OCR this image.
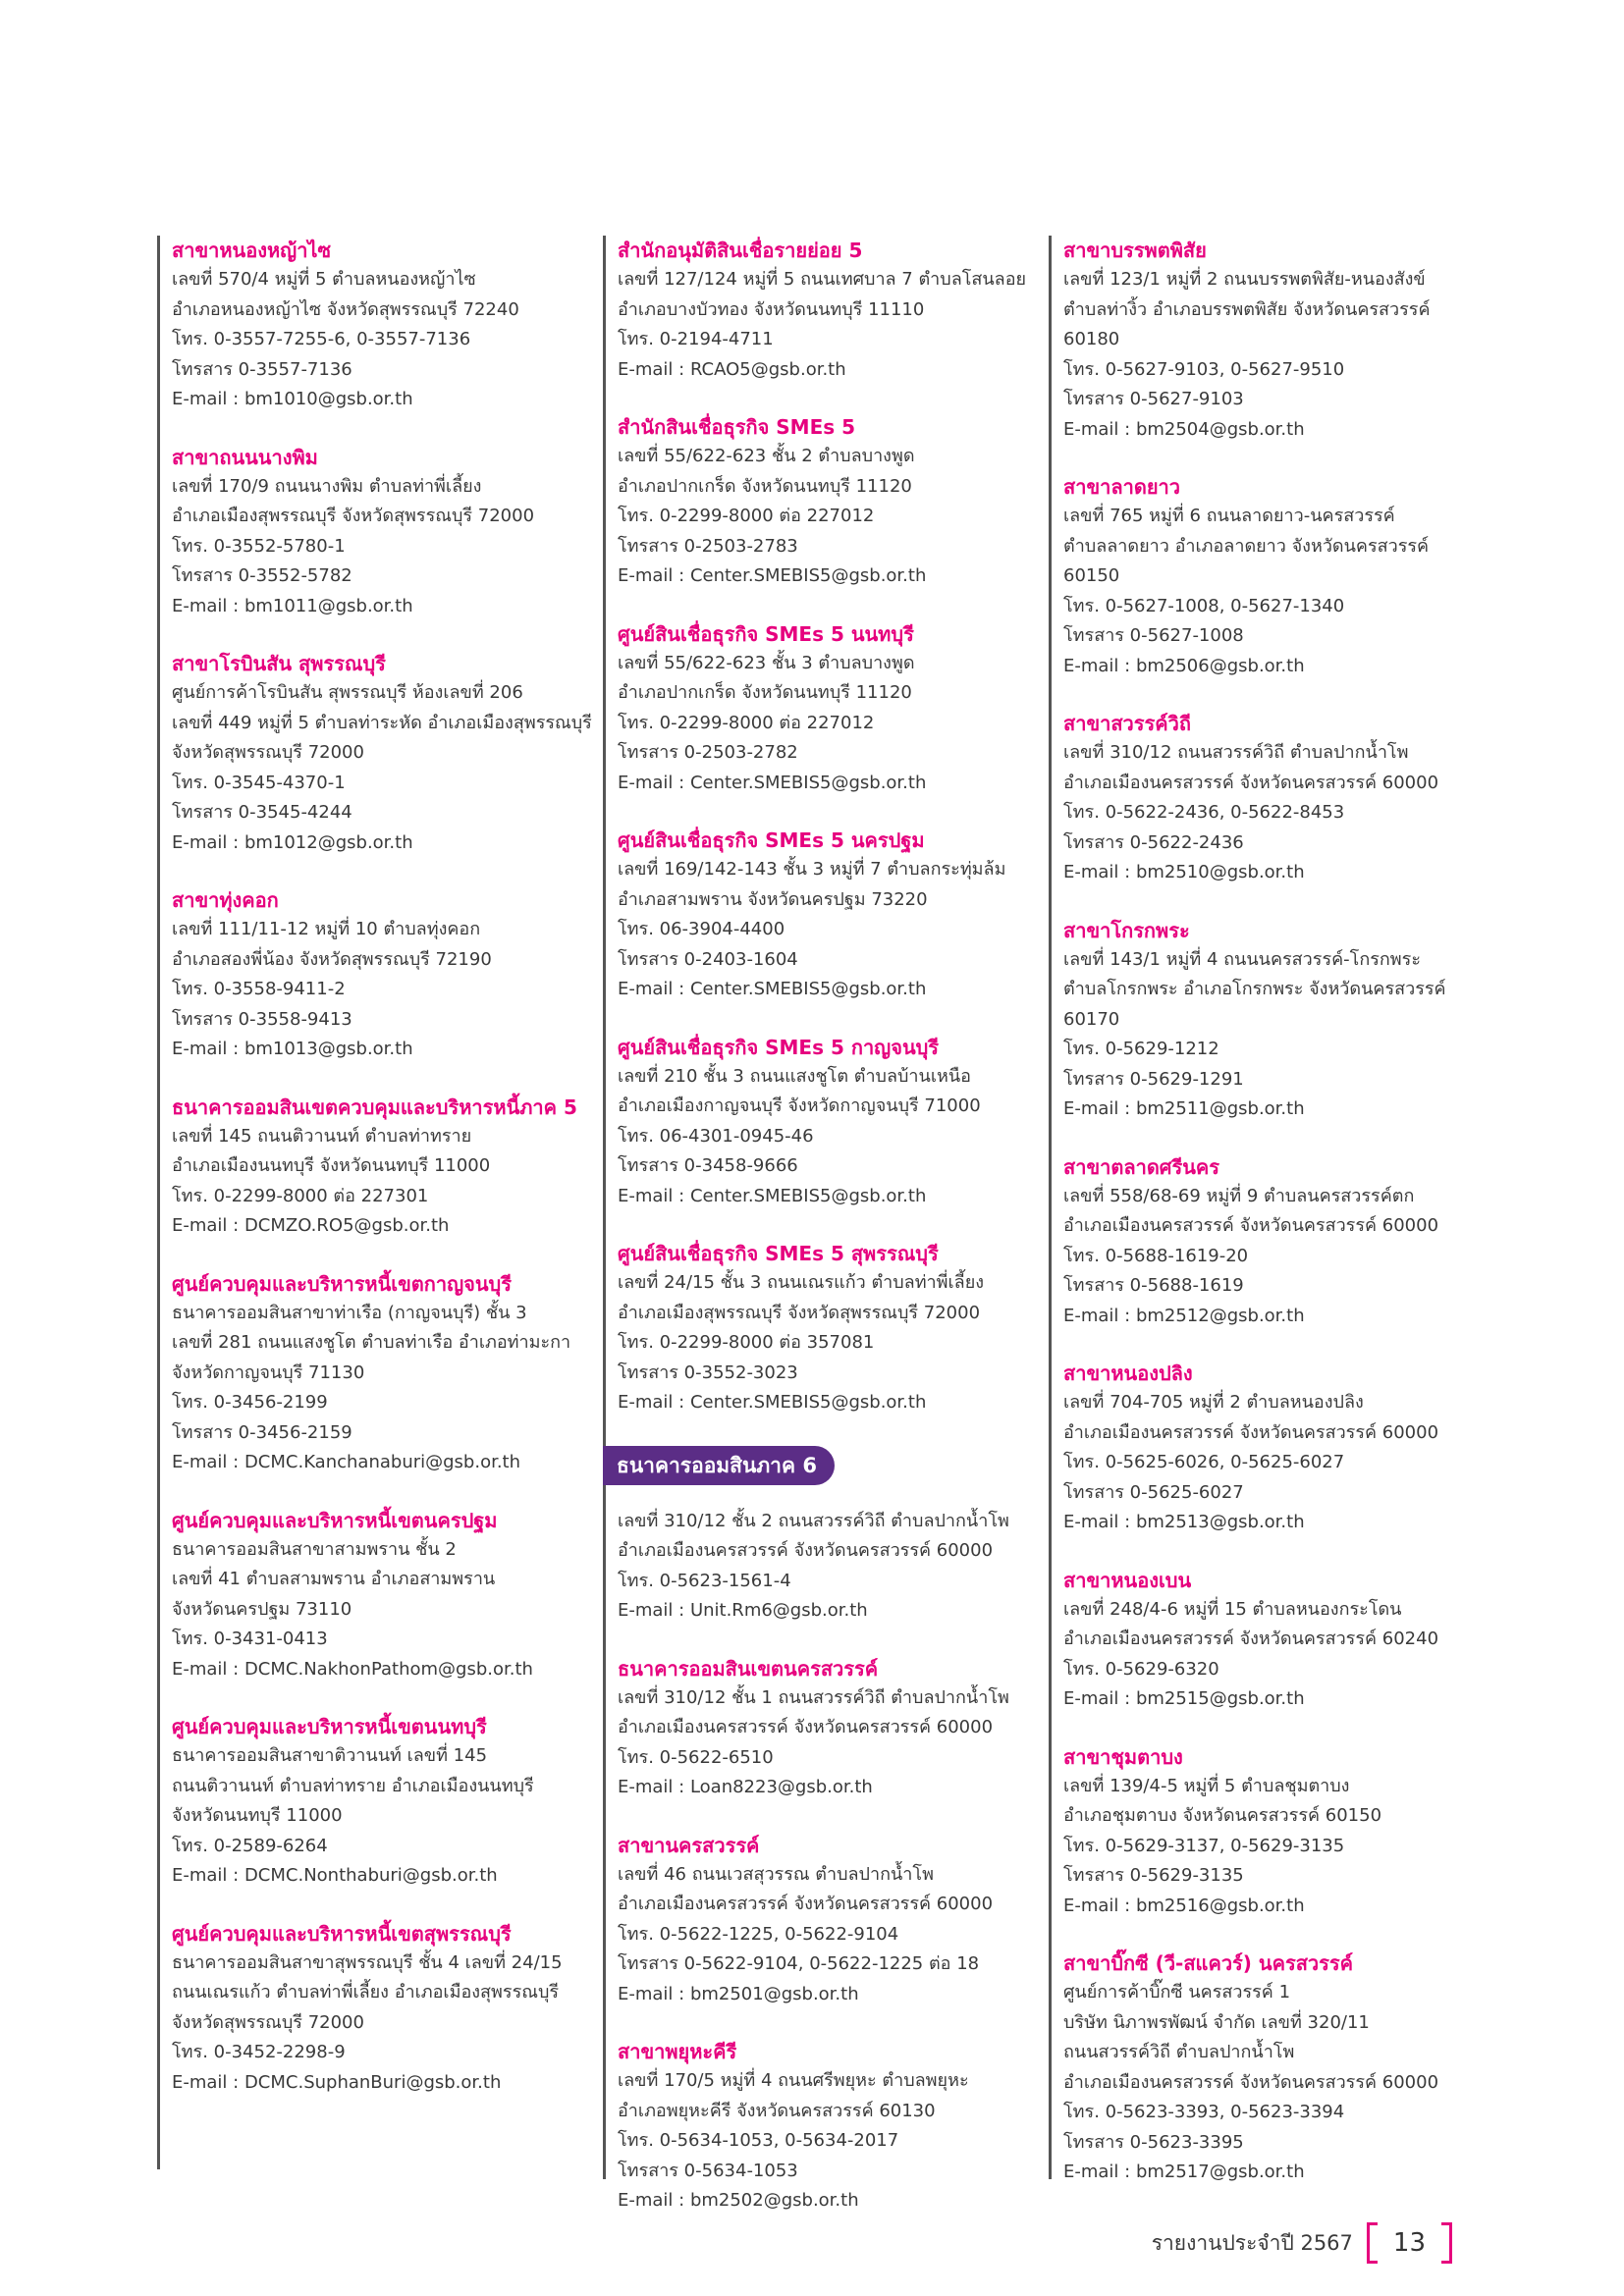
สาขาหนองหญ้าไซ
เลขที่ 570/4 หมู่ที่ 5 ตำบลหนองหญ้าไซ
อำเภอหนองหญ้าไซ จังหวัดสุพรรณบุรี 72240
โทร. 0-3557-7255-6, 0-3557-7136
โทรสาร 0-3557-7136
E-mail : bm1010@gsb.or.th
สาขาถนนนางพิม
เลขที่ 170/9 ถนนนางพิม ตำบลท่าพี่เลี้ยง
อำเภอเมืองสุพรรณบุรี จังหวัดสุพรรณบุรี 72000
โทร. 0-3552-5780-1
โทรสาร 0-3552-5782
E-mail : bm1011@gsb.or.th
สาขาโรบินสัน สุพรรณบุรี
ศูนย์การค้าโรบินสัน สุพรรณบุรี ห้องเลขที่ 206
เลขที่ 449 หมู่ที่ 5 ตำบลท่าระหัด อำเภอเมืองสุพรรณบุรี
จังหวัดสุพรรณบุรี 72000
โทร. 0-3545-4370-1
โทรสาร 0-3545-4244
E-mail : bm1012@gsb.or.th
สาขาทุ่งคอก
เลขที่ 111/11-12 หมู่ที่ 10 ตำบลทุ่งคอก
อำเภอสองพี่น้อง จังหวัดสุพรรณบุรี 72190
โทร. 0-3558-9411-2
โทรสาร 0-3558-9413
E-mail : bm1013@gsb.or.th
ธนาคารออมสินเขตควบคุมและบริหารหนี้ภาค 5
เลขที่ 145 ถนนติวานนท์ ตำบลท่าทราย
อำเภอเมืองนนทบุรี จังหวัดนนทบุรี 11000
โทร. 0-2299-8000 ต่อ 227301
E-mail : DCMZO.RO5@gsb.or.th
ศูนย์ควบคุมและบริหารหนี้เขตกาญจนบุรี
ธนาคารออมสินสาขาท่าเรือ (กาญจนบุรี) ชั้น 3
เลขที่ 281 ถนนแสงชูโต ตำบลท่าเรือ อำเภอท่ามะกา
จังหวัดกาญจนบุรี 71130
โทร. 0-3456-2199
โทรสาร 0-3456-2159
E-mail : DCMC.Kanchanaburi@gsb.or.th
ศูนย์ควบคุมและบริหารหนี้เขตนครปฐม
ธนาคารออมสินสาขาสามพราน ชั้น 2
เลขที่ 41 ตำบลสามพราน อำเภอสามพราน
จังหวัดนครปฐม 73110
โทร. 0-3431-0413
E-mail : DCMC.NakhonPathom@gsb.or.th
ศูนย์ควบคุมและบริหารหนี้เขตนนทบุรี
ธนาคารออมสินสาขาติวานนท์ เลขที่ 145
ถนนติวานนท์ ตำบลท่าทราย อำเภอเมืองนนทบุรี
จังหวัดนนทบุรี 11000
โทร. 0-2589-6264
E-mail : DCMC.Nonthaburi@gsb.or.th
ศูนย์ควบคุมและบริหารหนี้เขตสุพรรณบุรี
ธนาคารออมสินสาขาสุพรรณบุรี ชั้น 4 เลขที่ 24/15
ถนนเณรแก้ว ตำบลท่าพี่เลี้ยง อำเภอเมืองสุพรรณบุรี
จังหวัดสุพรรณบุรี 72000
โทร. 0-3452-2298-9
E-mail : DCMC.SuphanBuri@gsb.or.th
สำนักอนุมัติสินเชื่อรายย่อย 5
เลขที่ 127/124 หมู่ที่ 5 ถนนเทศบาล 7 ตำบลโสนลอย
อำเภอบางบัวทอง จังหวัดนนทบุรี 11110
โทร. 0-2194-4711
E-mail : RCAO5@gsb.or.th
สำนักสินเชื่อธุรกิจ SMEs 5
เลขที่ 55/622-623 ชั้น 2 ตำบลบางพูด
อำเภอปากเกร็ด จังหวัดนนทบุรี 11120
โทร. 0-2299-8000 ต่อ 227012
โทรสาร 0-2503-2783
E-mail : Center.SMEBIS5@gsb.or.th
ศูนย์สินเชื่อธุรกิจ SMEs 5 นนทบุรี
เลขที่ 55/622-623 ชั้น 3 ตำบลบางพูด
อำเภอปากเกร็ด จังหวัดนนทบุรี 11120
โทร. 0-2299-8000 ต่อ 227012
โทรสาร 0-2503-2782
E-mail : Center.SMEBIS5@gsb.or.th
ศูนย์สินเชื่อธุรกิจ SMEs 5 นครปฐม
เลขที่ 169/142-143 ชั้น 3 หมู่ที่ 7 ตำบลกระทุ่มล้ม
อำเภอสามพราน จังหวัดนครปฐม 73220
โทร. 06-3904-4400
โทรสาร 0-2403-1604
E-mail : Center.SMEBIS5@gsb.or.th
ศูนย์สินเชื่อธุรกิจ SMEs 5 กาญจนบุรี
เลขที่ 210 ชั้น 3 ถนนแสงชูโต ตำบลบ้านเหนือ
อำเภอเมืองกาญจนบุรี จังหวัดกาญจนบุรี 71000
โทร. 06-4301-0945-46
โทรสาร 0-3458-9666
E-mail : Center.SMEBIS5@gsb.or.th
ศูนย์สินเชื่อธุรกิจ SMEs 5 สุพรรณบุรี
เลขที่ 24/15 ชั้น 3 ถนนเณรแก้ว ตำบลท่าพี่เลี้ยง
อำเภอเมืองสุพรรณบุรี จังหวัดสุพรรณบุรี 72000
โทร. 0-2299-8000 ต่อ 357081
โทรสาร 0-3552-3023
E-mail : Center.SMEBIS5@gsb.or.th
ธนาคารออมสินภาค 6
เลขที่ 310/12 ชั้น 2 ถนนสวรรค์วิถี ตำบลปากน้ำโพ
อำเภอเมืองนครสวรรค์ จังหวัดนครสวรรค์ 60000
โทร. 0-5623-1561-4
E-mail : Unit.Rm6@gsb.or.th
ธนาคารออมสินเขตนครสวรรค์
เลขที่ 310/12 ชั้น 1 ถนนสวรรค์วิถี ตำบลปากน้ำโพ
อำเภอเมืองนครสวรรค์ จังหวัดนครสวรรค์ 60000
โทร. 0-5622-6510
E-mail : Loan8223@gsb.or.th
สาขานครสวรรค์
เลขที่ 46 ถนนเวสสุวรรณ ตำบลปากน้ำโพ
อำเภอเมืองนครสวรรค์ จังหวัดนครสวรรค์ 60000
โทร. 0-5622-1225, 0-5622-9104
โทรสาร 0-5622-9104, 0-5622-1225 ต่อ 18
E-mail : bm2501@gsb.or.th
สาขาพยุหะคีรี
เลขที่ 170/5 หมู่ที่ 4 ถนนศรีพยุหะ ตำบลพยุหะ
อำเภอพยุหะคีรี จังหวัดนครสวรรค์ 60130
โทร. 0-5634-1053, 0-5634-2017
โทรสาร 0-5634-1053
E-mail : bm2502@gsb.or.th
สาขาบรรพตพิสัย
เลขที่ 123/1 หมู่ที่ 2 ถนนบรรพตพิสัย-หนองสังข์
ตำบลท่างิ้ว อำเภอบรรพตพิสัย จังหวัดนครสวรรค์
60180
โทร. 0-5627-9103, 0-5627-9510
โทรสาร 0-5627-9103
E-mail : bm2504@gsb.or.th
สาขาลาดยาว
เลขที่ 765 หมู่ที่ 6 ถนนลาดยาว-นครสวรรค์
ตำบลลาดยาว อำเภอลาดยาว จังหวัดนครสวรรค์
60150
โทร. 0-5627-1008, 0-5627-1340
โทรสาร 0-5627-1008
E-mail : bm2506@gsb.or.th
สาขาสวรรค์วิถี
เลขที่ 310/12 ถนนสวรรค์วิถี ตำบลปากน้ำโพ
อำเภอเมืองนครสวรรค์ จังหวัดนครสวรรค์ 60000
โทร. 0-5622-2436, 0-5622-8453
โทรสาร 0-5622-2436
E-mail : bm2510@gsb.or.th
สาขาโกรกพระ
เลขที่ 143/1 หมู่ที่ 4 ถนนนครสวรรค์-โกรกพระ
ตำบลโกรกพระ อำเภอโกรกพระ จังหวัดนครสวรรค์
60170
โทร. 0-5629-1212
โทรสาร 0-5629-1291
E-mail : bm2511@gsb.or.th
สาขาตลาดศรีนคร
เลขที่ 558/68-69 หมู่ที่ 9 ตำบลนครสวรรค์ตก
อำเภอเมืองนครสวรรค์ จังหวัดนครสวรรค์ 60000
โทร. 0-5688-1619-20
โทรสาร 0-5688-1619
E-mail : bm2512@gsb.or.th
สาขาหนองปลิง
เลขที่ 704-705 หมู่ที่ 2 ตำบลหนองปลิง
อำเภอเมืองนครสวรรค์ จังหวัดนครสวรรค์ 60000
โทร. 0-5625-6026, 0-5625-6027
โทรสาร 0-5625-6027
E-mail : bm2513@gsb.or.th
สาขาหนองเบน
เลขที่ 248/4-6 หมู่ที่ 15 ตำบลหนองกระโดน
อำเภอเมืองนครสวรรค์ จังหวัดนครสวรรค์ 60240
โทร. 0-5629-6320
E-mail : bm2515@gsb.or.th
สาขาชุมตาบง
เลขที่ 139/4-5 หมู่ที่ 5 ตำบลชุมตาบง
อำเภอชุมตาบง จังหวัดนครสวรรค์ 60150
โทร. 0-5629-3137, 0-5629-3135
โทรสาร 0-5629-3135
E-mail : bm2516@gsb.or.th
สาขาบิ๊กซี (วี-สแควร์) นครสวรรค์
ศูนย์การค้าบิ๊กซี นครสวรรค์ 1
บริษัท นิภาพรพัฒน์ จำกัด เลขที่ 320/11
ถนนสวรรค์วิถี ตำบลปากน้ำโพ
อำเภอเมืองนครสวรรค์ จังหวัดนครสวรรค์ 60000
โทร. 0-5623-3393, 0-5623-3394
โทรสาร 0-5623-3395
E-mail : bm2517@gsb.or.th
รายงานประจำปี 2567	13
